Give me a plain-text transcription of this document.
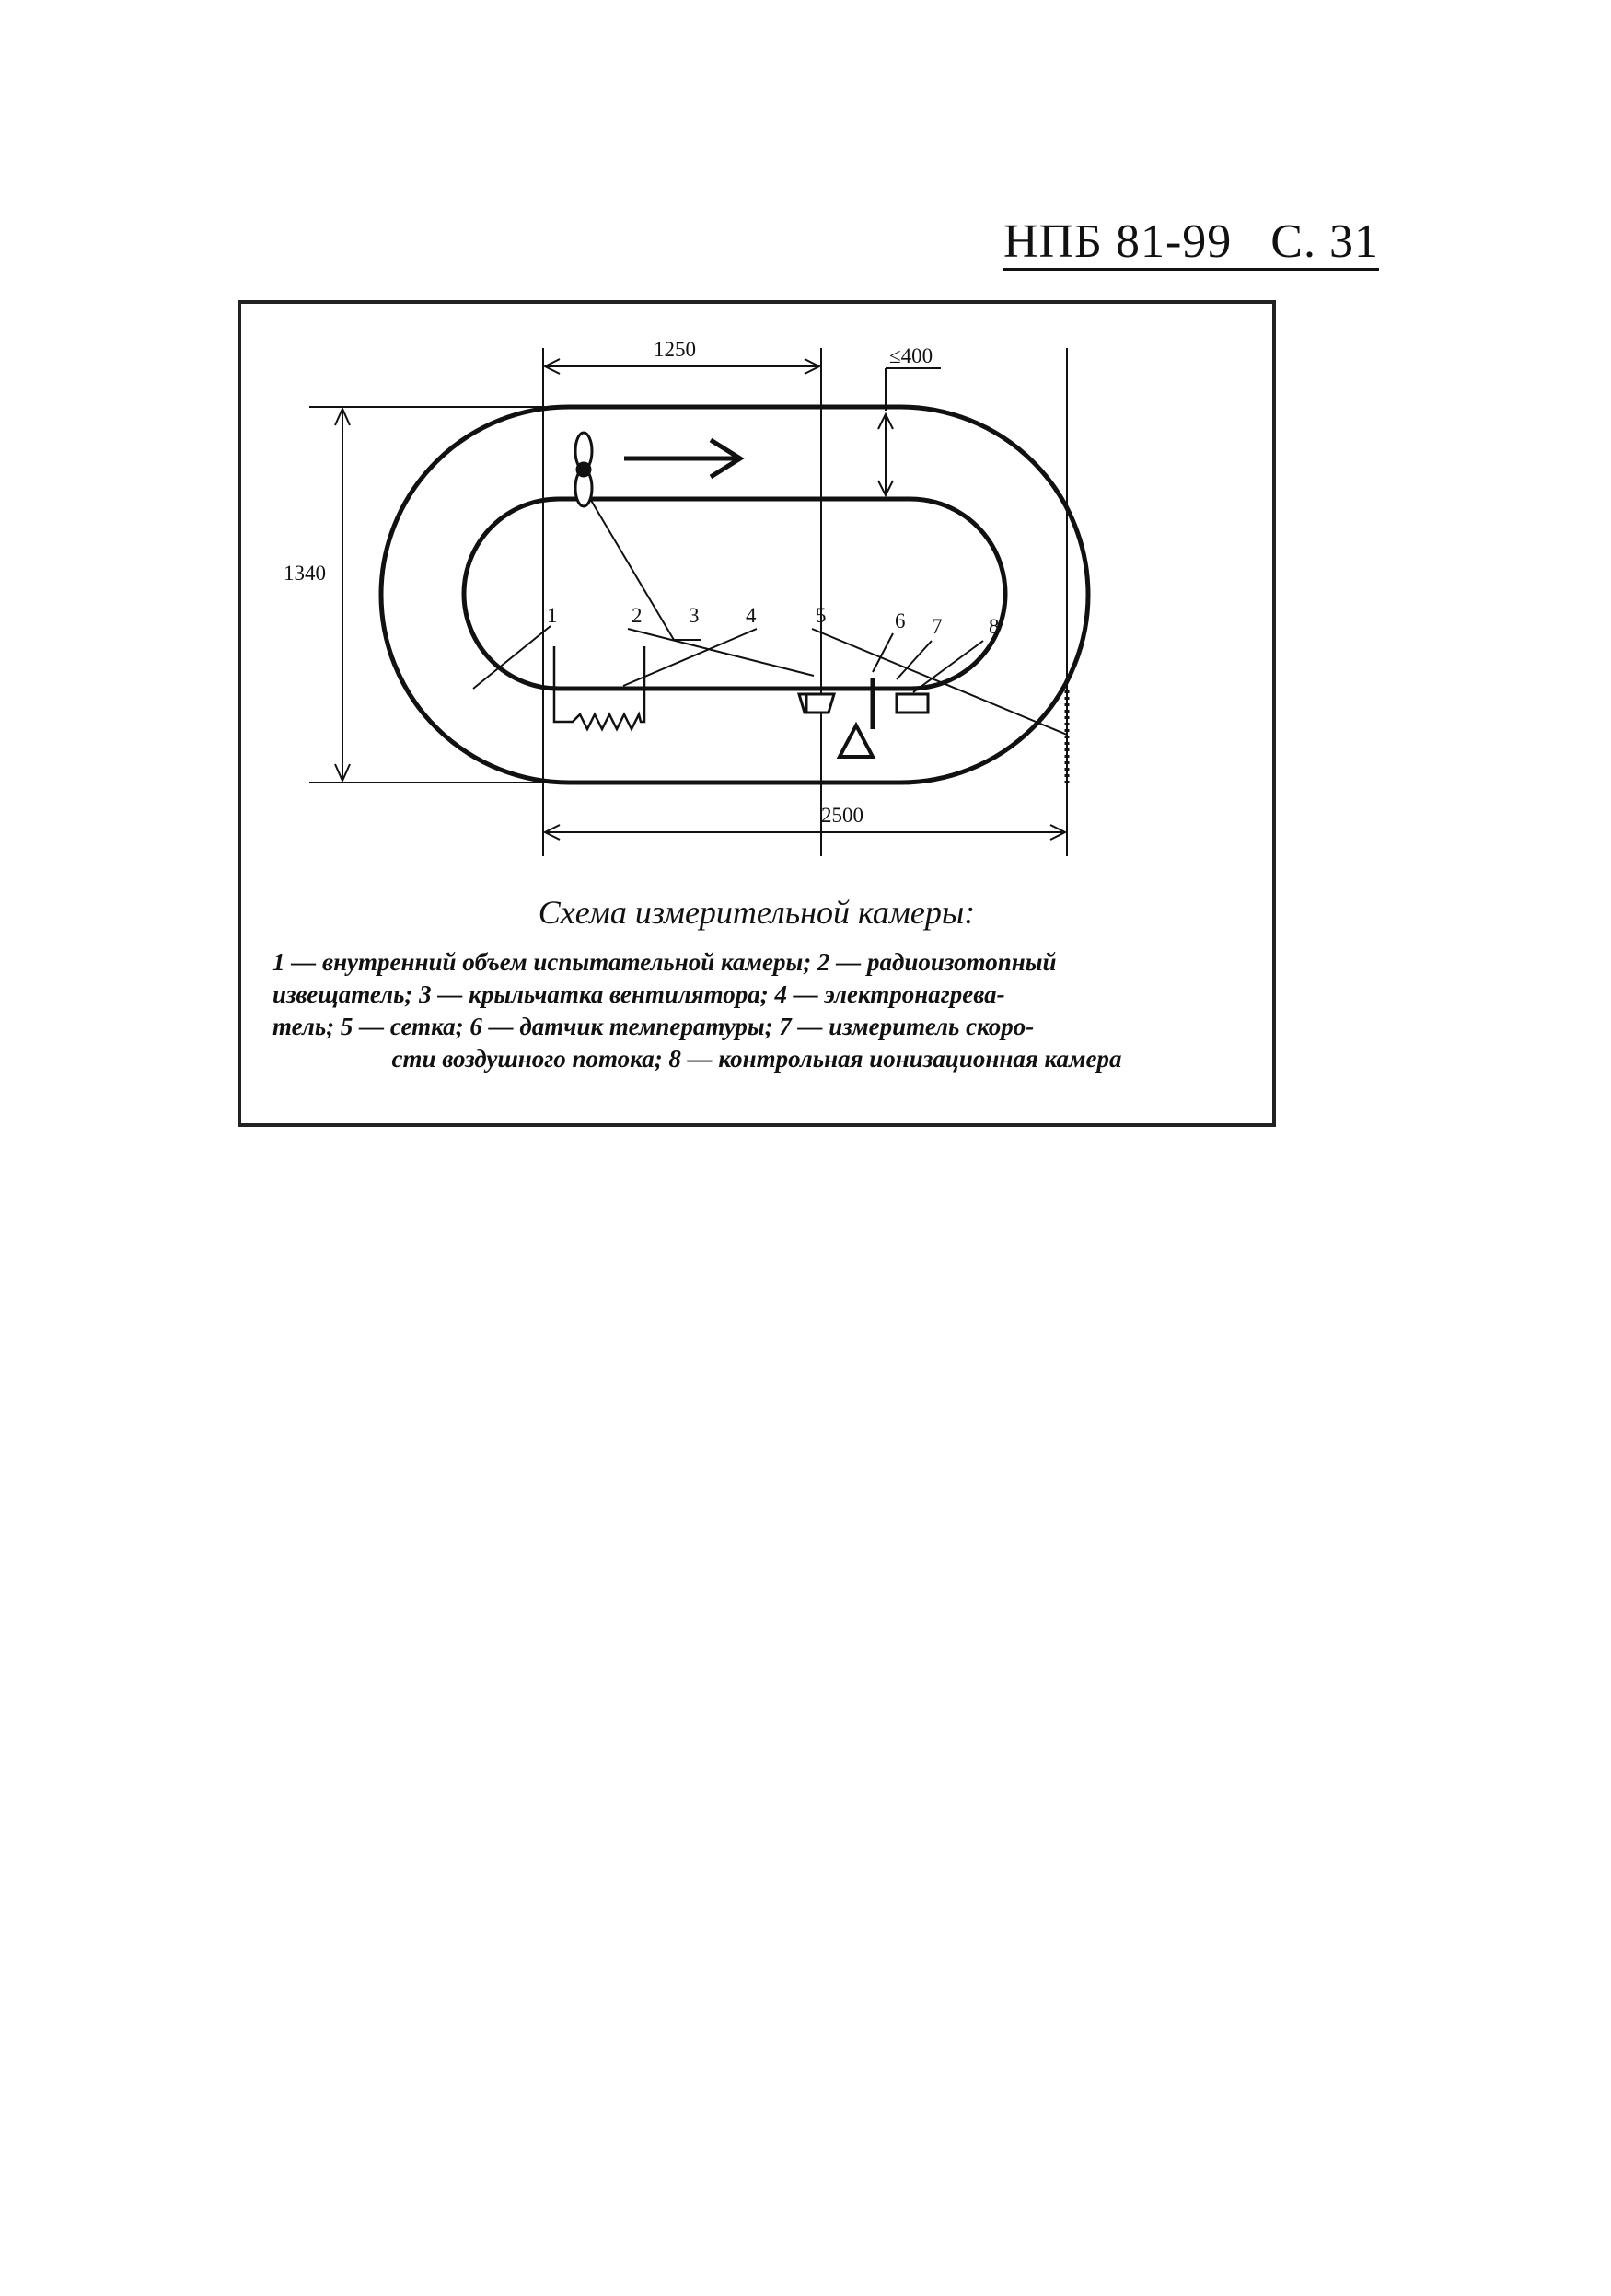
НПБ 81-99 С. 31
1250	≤400
1340
2500
1	2 3 4	5	6 7 8
Схема измерительной камеры:
1 — внутренний объем испытательной камеры; 2 — радиоизотопный
извещатель; 3 — крыльчатка вентилятора; 4 — электронагрева-
тель; 5 — сетка; 6 — датчик температуры; 7 — измеритель скоро-
сти воздушного потока; 8 — контрольная ионизационная камера
